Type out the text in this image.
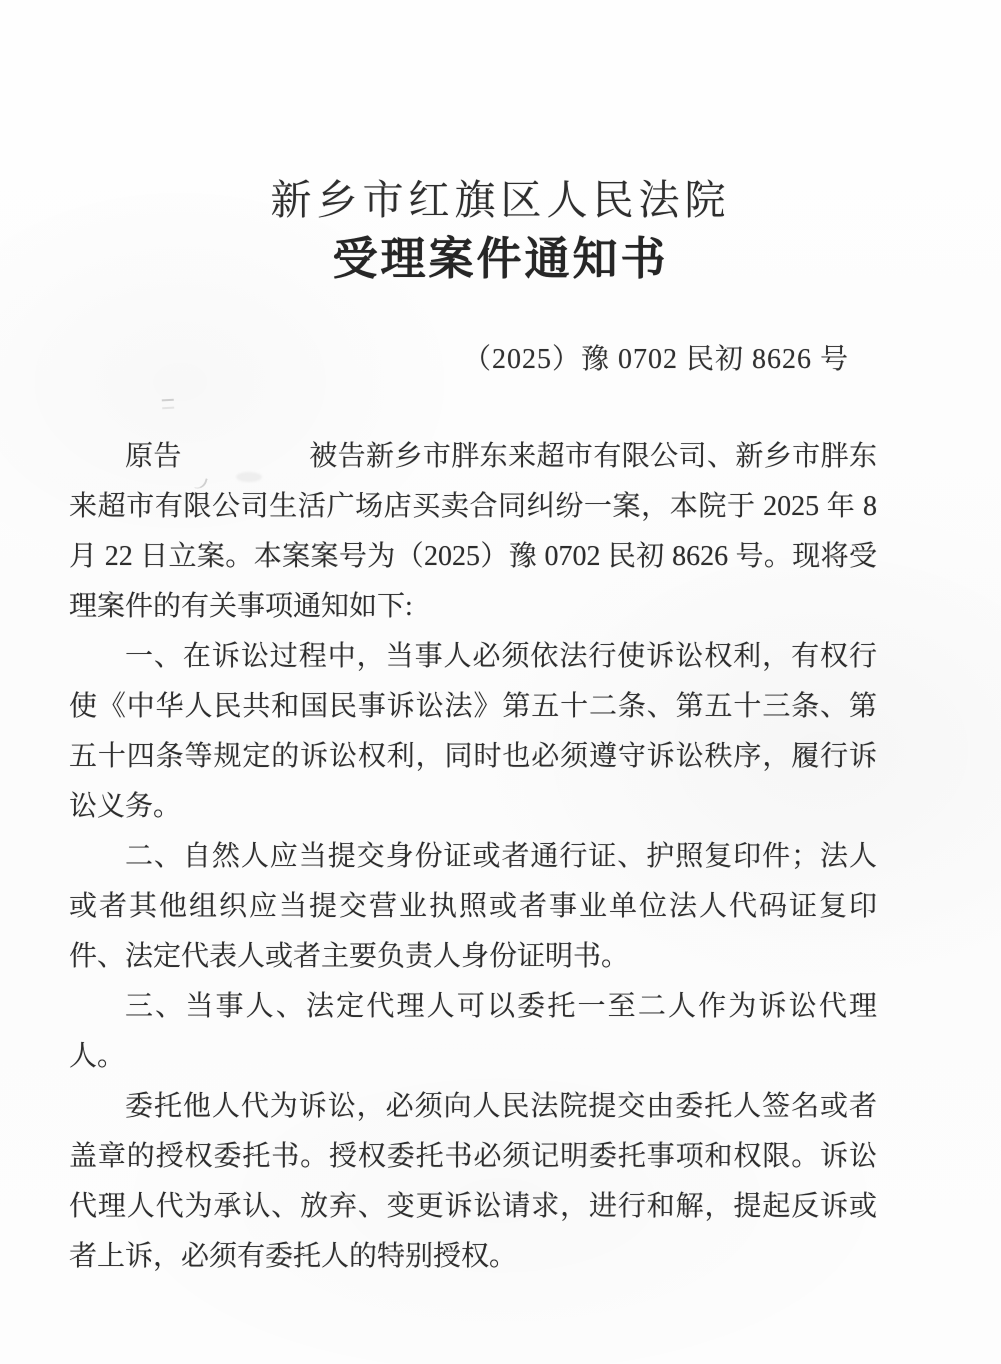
新乡市红旗区人民法院
受理案件通知书
（2025）豫 0702 民初 8626 号

原告	被告新乡市胖东来超市有限公司、新乡市胖东来超市有限公司生活广场店买卖合同纠纷一案，本院于 2025 年 8 月 22 日立案。本案案号为（2025）豫 0702 民初 8626 号。现将受理案件的有关事项通知如下:

一、在诉讼过程中，当事人必须依法行使诉讼权利，有权行使《中华人民共和国民事诉讼法》第五十二条、第五十三条、第五十四条等规定的诉讼权利，同时也必须遵守诉讼秩序，履行诉讼义务。

二、自然人应当提交身份证或者通行证、护照复印件；法人或者其他组织应当提交营业执照或者事业单位法人代码证复印件、法定代表人或者主要负责人身份证明书。

三、当事人、法定代理人可以委托一至二人作为诉讼代理人。

委托他人代为诉讼，必须向人民法院提交由委托人签名或者盖章的授权委托书。授权委托书必须记明委托事项和权限。诉讼代理人代为承认、放弃、变更诉讼请求，进行和解，提起反诉或者上诉，必须有委托人的特别授权。
